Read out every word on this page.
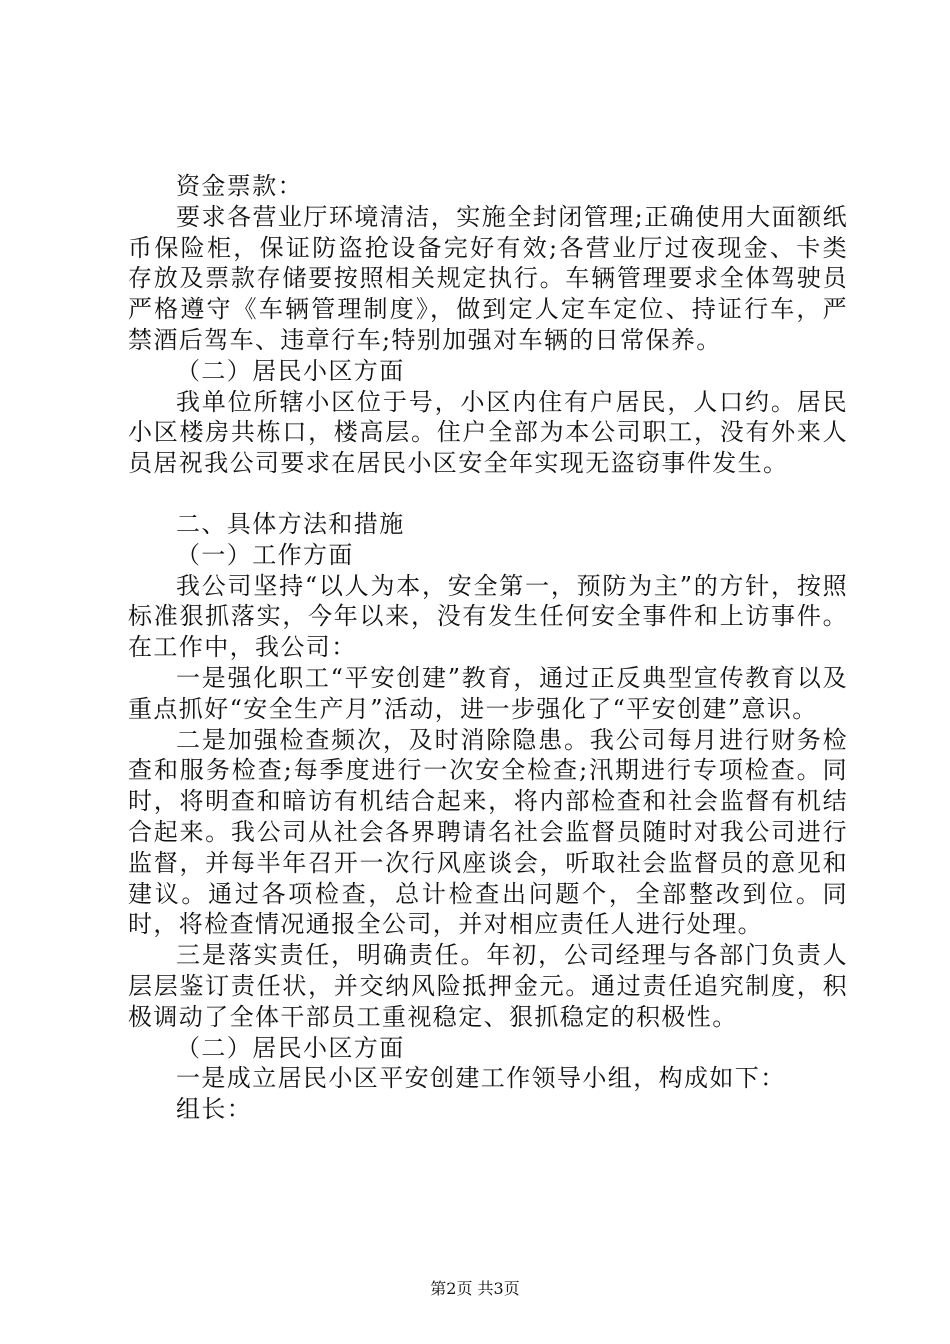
资金票款：

要求各营业厅环境清洁，实施全封闭管理;正确使用大面额纸币保险柜，保证防盗抢设备完好有效;各营业厅过夜现金、卡类存放及票款存储要按照相关规定执行。车辆管理要求全体驾驶员严格遵守《车辆管理制度》，做到定人定车定位、持证行车，严禁酒后驾车、违章行车;特别加强对车辆的日常保养。

（二）居民小区方面

我单位所辖小区位于号，小区内住有户居民，人口约。居民小区楼房共栋口，楼高层。住户全部为本公司职工，没有外来人员居祝我公司要求在居民小区安全年实现无盗窃事件发生。

二、具体方法和措施

（一）工作方面

我公司坚持“以人为本，安全第一，预防为主”的方针，按照标准狠抓落实，今年以来，没有发生任何安全事件和上访事件。在工作中，我公司：

一是强化职工“平安创建”教育，通过正反典型宣传教育以及重点抓好“安全生产月”活动，进一步强化了“平安创建”意识。

二是加强检查频次，及时消除隐患。我公司每月进行财务检查和服务检查;每季度进行一次安全检查;汛期进行专项检查。同时，将明查和暗访有机结合起来，将内部检查和社会监督有机结合起来。我公司从社会各界聘请名社会监督员随时对我公司进行监督，并每半年召开一次行风座谈会，听取社会监督员的意见和建议。通过各项检查，总计检查出问题个，全部整改到位。同时，将检查情况通报全公司，并对相应责任人进行处理。

三是落实责任，明确责任。年初，公司经理与各部门负责人层层鉴订责任状，并交纳风险抵押金元。通过责任追究制度，积极调动了全体干部员工重视稳定、狠抓稳定的积极性。

（二）居民小区方面

一是成立居民小区平安创建工作领导小组，构成如下：

组长：

第2页 共3页
